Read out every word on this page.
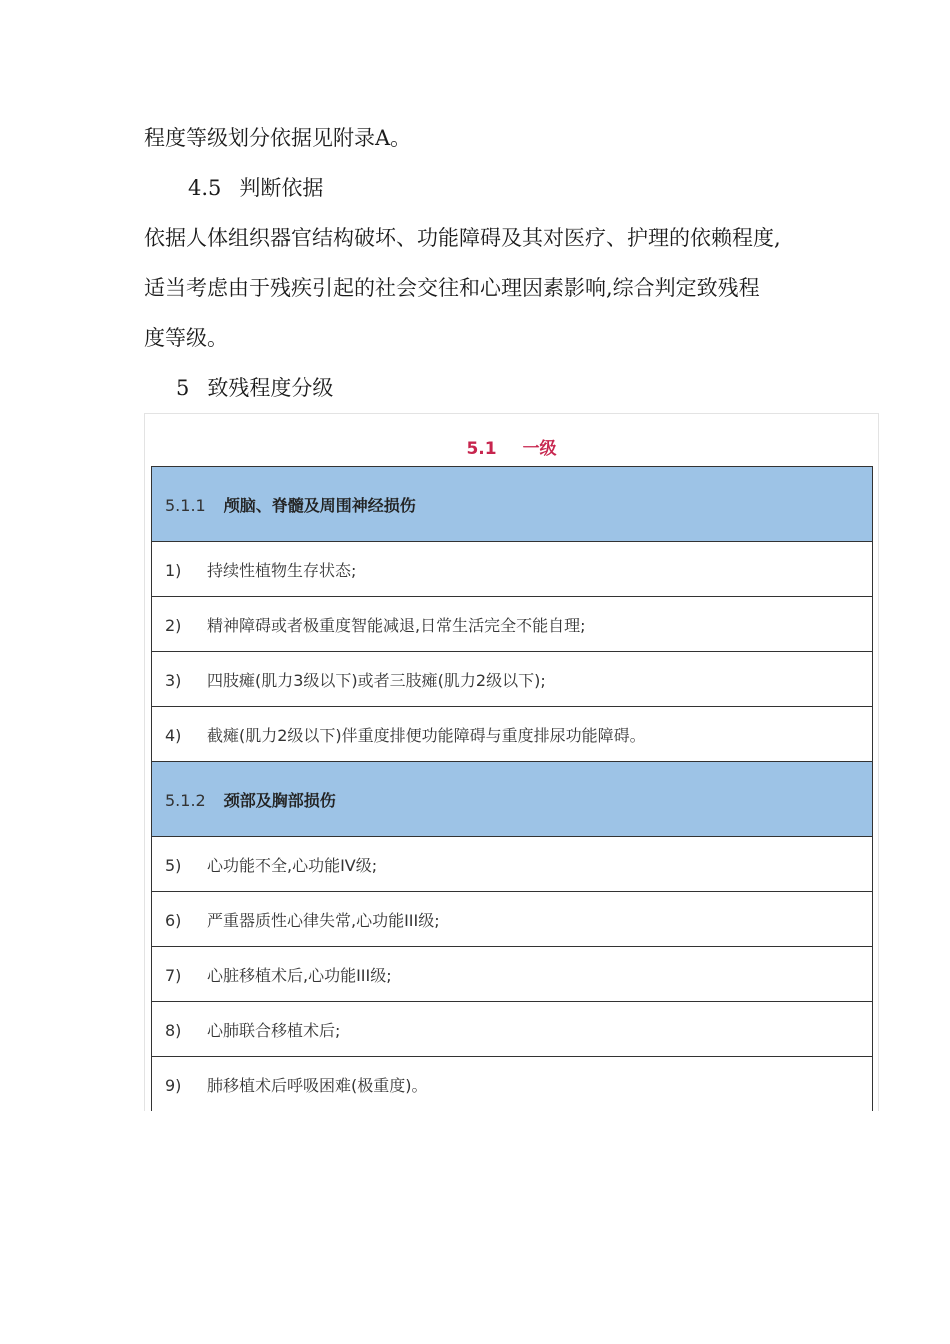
程度等级划分依据见附录A。
4.5 判断依据
依据人体组织器官结构破坏、功能障碍及其对医疗、护理的依赖程度,
适当考虑由于残疾引起的社会交往和心理因素影响,综合判定致残程
度等级。
5 致残程度分级
5.1 一级
5.1.1 颅脑、脊髓及周围神经损伤
1) 持续性植物生存状态;
2) 精神障碍或者极重度智能减退,日常生活完全不能自理;
3) 四肢瘫(肌力3级以下)或者三肢瘫(肌力2级以下);
4) 截瘫(肌力2级以下)伴重度排便功能障碍与重度排尿功能障碍。
5.1.2 颈部及胸部损伤
5) 心功能不全,心功能IV级;
6) 严重器质性心律失常,心功能III级;
7) 心脏移植术后,心功能III级;
8) 心肺联合移植术后;
9) 肺移植术后呼吸困难(极重度)。
